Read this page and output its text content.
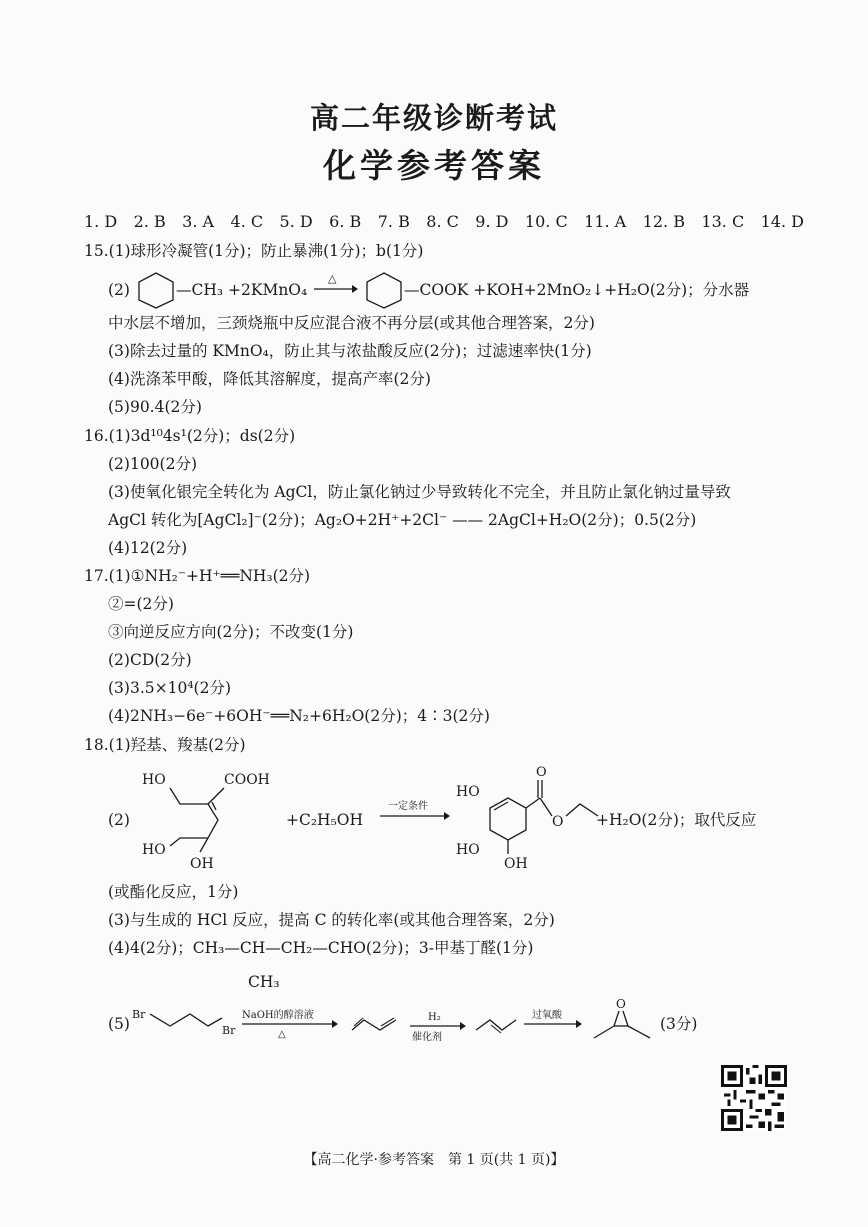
高二年级诊断考试
化学参考答案
1. D 2. B 3. A 4. C 5. D 6. B 7. B 8. C 9. D 10. C 11. A 12. B 13. C 14. D
15.(1)球形冷凝管(1分)；防止暴沸(1分)；b(1分)
(2)	—CH₃ +2KMnO₄
△
—COOK +KOH+2MnO₂↓+H₂O(2分)；分水器
中水层不增加，三颈烧瓶中反应混合液不再分层(或其他合理答案，2分)
(3)除去过量的 KMnO₄，防止其与浓盐酸反应(2分)；过滤速率快(1分)
(4)洗涤苯甲酸，降低其溶解度，提高产率(2分)
(5)90.4(2分)
16.(1)3d¹⁰4s¹(2分)；ds(2分)
(2)100(2分)
(3)使氧化银完全转化为 AgCl，防止氯化钠过少导致转化不完全，并且防止氯化钠过量导致
AgCl 转化为[AgCl₂]⁻(2分)；Ag₂O+2H⁺+2Cl⁻ —— 2AgCl+H₂O(2分)；0.5(2分)
(4)12(2分)
17.(1)①NH₂⁻+H⁺══NH₃(2分)
②=(2分)
③向逆反应方向(2分)；不改变(1分)
(2)CD(2分)
(3)3.5×10⁴(2分)
(4)2NH₃−6e⁻+6OH⁻══N₂+6H₂O(2分)；4∶3(2分)
18.(1)羟基、羧基(2分)
(2)
HO	COOH
HO
OH
+C₂H₅OH
一定条件
O
HO
HO
OH
O +H₂O(2分)；取代反应
(或酯化反应，1分)
(3)与生成的 HCl 反应，提高 C 的转化率(或其他合理答案，2分)
(4)4(2分)；CH₃—CH—CH₂—CHO(2分)；3-甲基丁醛(1分)
CH₃
(5)
Br
Br
NaOH的醇溶液
△
H₂
催化剂
过氧酸
O
(3分)
【高二化学·参考答案　第 1 页(共 1 页)】
